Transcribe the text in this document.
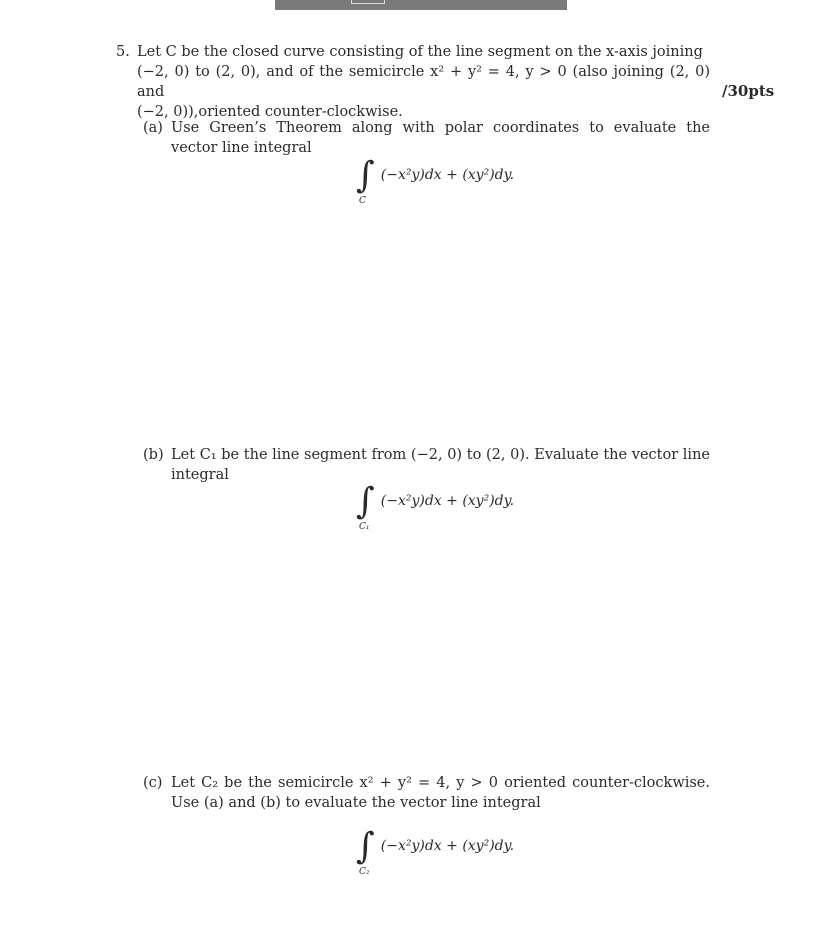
5. Let C be the closed curve consisting of the line segment on the x-axis joining
(−2, 0) to (2, 0), and of the semicircle x² + y² = 4, y > 0 (also joining (2, 0) and
(−2, 0)),oriented counter-clockwise.
/30pts
(a) Use Green’s Theorem along with polar coordinates to evaluate the vector line integral
∫
C
(−x²y)dx + (xy²)dy.
(b) Let C₁ be the line segment from (−2, 0) to (2, 0). Evaluate the vector line integral
∫
C₁
(−x²y)dx + (xy²)dy.
(c) Let C₂ be the semicircle x² + y² = 4, y > 0 oriented counter-clockwise. Use (a) and (b) to evaluate the vector line integral
∫
C₂
(−x²y)dx + (xy²)dy.
